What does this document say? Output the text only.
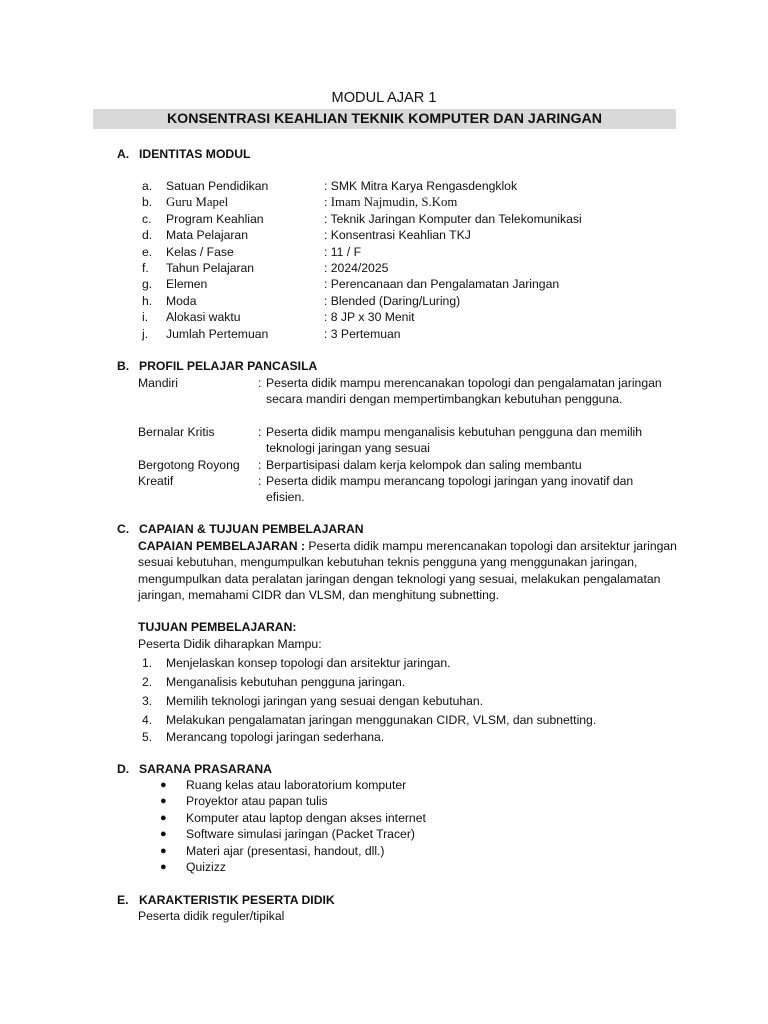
MODUL AJAR 1
KONSENTRASI KEAHLIAN TEKNIK KOMPUTER DAN JARINGAN
A. IDENTITAS MODUL
a. Satuan Pendidikan	: SMK Mitra Karya Rengasdengklok
b. Guru Mapel	: Imam Najmudin, S.Kom
c. Program Keahlian	: Teknik Jaringan Komputer dan Telekomunikasi
d. Mata Pelajaran	: Konsentrasi Keahlian TKJ
e. Kelas / Fase	: 11 / F
f. Tahun Pelajaran	: 2024/2025
g. Elemen	: Perencanaan dan Pengalamatan Jaringan
h. Moda	: Blended (Daring/Luring)
i. Alokasi waktu	: 8 JP x 30 Menit
j. Jumlah Pertemuan	: 3 Pertemuan
B. PROFIL PELAJAR PANCASILA
Mandiri	: Peserta didik mampu merencanakan topologi dan pengalamatan jaringan secara mandiri dengan mempertimbangkan kebutuhan pengguna.
Bernalar Kritis	: Peserta didik mampu menganalisis kebutuhan pengguna dan memilih teknologi jaringan yang sesuai
Bergotong Royong : Berpartisipasi dalam kerja kelompok dan saling membantu
Kreatif	: Peserta didik mampu merancang topologi jaringan yang inovatif dan efisien.
C. CAPAIAN & TUJUAN PEMBELAJARAN
CAPAIAN PEMBELAJARAN : Peserta didik mampu merencanakan topologi dan arsitektur jaringan sesuai kebutuhan, mengumpulkan kebutuhan teknis pengguna yang menggunakan jaringan, mengumpulkan data peralatan jaringan dengan teknologi yang sesuai, melakukan pengalamatan jaringan, memahami CIDR dan VLSM, dan menghitung subnetting.
TUJUAN PEMBELAJARAN:
Peserta Didik diharapkan Mampu:
1. Menjelaskan konsep topologi dan arsitektur jaringan.
2. Menganalisis kebutuhan pengguna jaringan.
3. Memilih teknologi jaringan yang sesuai dengan kebutuhan.
4. Melakukan pengalamatan jaringan menggunakan CIDR, VLSM, dan subnetting.
5. Merancang topologi jaringan sederhana.
D. SARANA PRASARANA
● Ruang kelas atau laboratorium komputer
● Proyektor atau papan tulis
● Komputer atau laptop dengan akses internet
● Software simulasi jaringan (Packet Tracer)
● Materi ajar (presentasi, handout, dll.)
● Quizizz
E. KARAKTERISTIK PESERTA DIDIK
Peserta didik reguler/tipikal
